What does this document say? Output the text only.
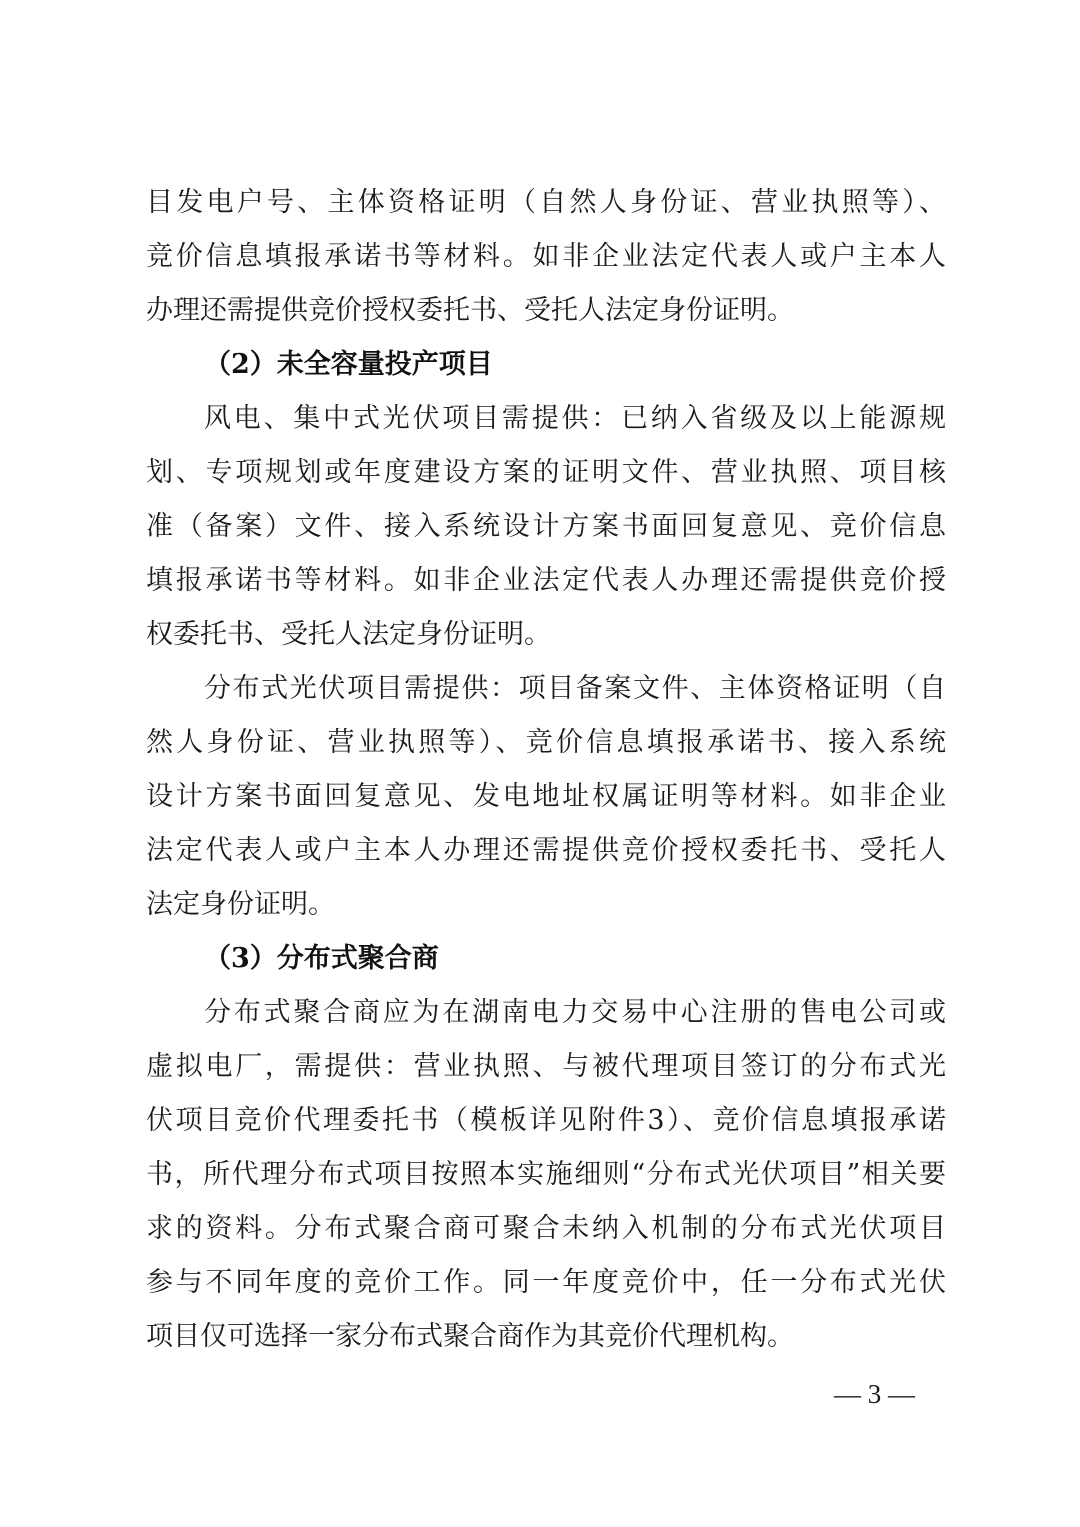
目发电户号、主体资格证明（自然人身份证、营业执照等）、
竞价信息填报承诺书等材料。如非企业法定代表人或户主本人
办理还需提供竞价授权委托书、受托人法定身份证明。
（2）未全容量投产项目
风电、集中式光伏项目需提供：已纳入省级及以上能源规
划、专项规划或年度建设方案的证明文件、营业执照、项目核
准（备案）文件、接入系统设计方案书面回复意见、竞价信息
填报承诺书等材料。如非企业法定代表人办理还需提供竞价授
权委托书、受托人法定身份证明。
分布式光伏项目需提供：项目备案文件、主体资格证明（自
然人身份证、营业执照等）、竞价信息填报承诺书、接入系统
设计方案书面回复意见、发电地址权属证明等材料。如非企业
法定代表人或户主本人办理还需提供竞价授权委托书、受托人
法定身份证明。
（3）分布式聚合商
分布式聚合商应为在湖南电力交易中心注册的售电公司或
虚拟电厂，需提供：营业执照、与被代理项目签订的分布式光
伏项目竞价代理委托书（模板详见附件3）、竞价信息填报承诺
书，所代理分布式项目按照本实施细则“分布式光伏项目”相关要
求的资料。分布式聚合商可聚合未纳入机制的分布式光伏项目
参与不同年度的竞价工作。同一年度竞价中，任一分布式光伏
项目仅可选择一家分布式聚合商作为其竞价代理机构。
— 3 —
